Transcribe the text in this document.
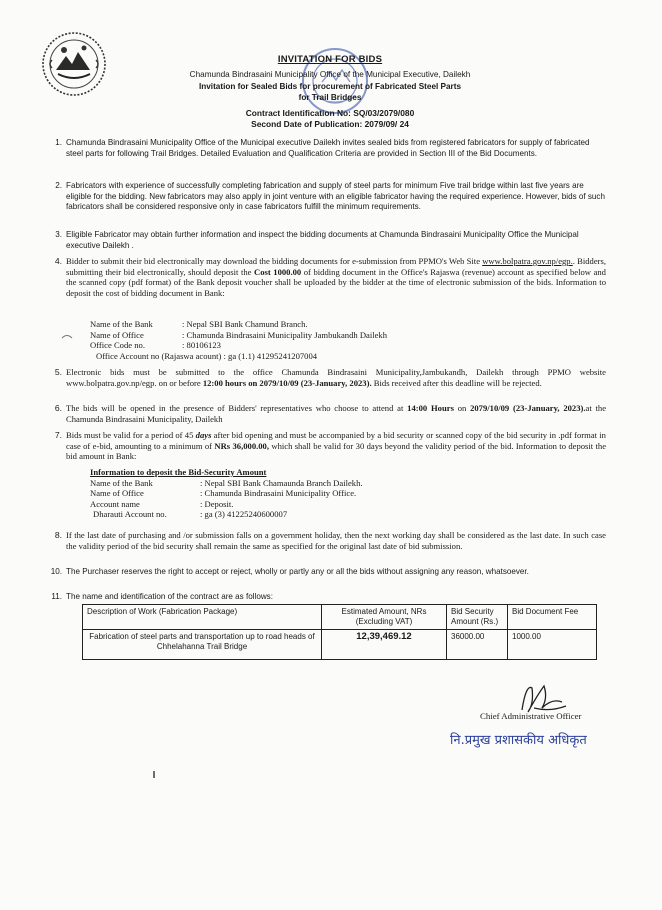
INVITATION FOR BIDS
Chamunda Bindrasaini Municipality Office of the Municipal Executive, Dailekh
Invitation for Sealed Bids for procurement of Fabricated Steel Parts
for Trail Bridges
Contract Identification No: SQ/03/2079/080
Second Date of Publication: 2079/09/ 24
1. Chamunda Bindrasaini Municipality Office of the Municipal executive Dailekh invites sealed bids from registered fabricators for supply of fabricated steel parts for following Trail Bridges. Detailed Evaluation and Qualification Criteria are provided in Section III of the Bid Documents.
2. Fabricators with experience of successfully completing fabrication and supply of steel parts for minimum Five trail bridge within last five years are eligible for the bidding. New fabricators may also apply in joint venture with an eligible fabricator having the required experience. However, bids of such fabricators shall be considered responsive only in case fabricators fulfill the minimum requirements.
3. Eligible Fabricator may obtain further information and inspect the bidding documents at Chamunda Bindrasaini Municipality Office the Municipal executive Dailekh .
4. Bidder to submit their bid electronically may download the bidding documents for e-submission from PPMO's Web Site www.bolpatra.gov.np/egp.. Bidders, submitting their bid electronically, should deposit the Cost 1000.00 of bidding document in the Office's Rajaswa (revenue) account as specified below and the scanned copy (pdf format) of the Bank deposit voucher shall be uploaded by the bidder at the time of electronic submission of the bids. Information to deposit the cost of bidding document in Bank:
Name of the Bank	: Nepal SBI Bank Chamund Branch.
Name of Office	: Chamunda Bindrasaini Municipality Jambukandh Dailekh
Office Code no.	: 80106123
Office Account no (Rajaswa acount) : ga (1.1) 41295241207004
5. Electronic bids must be submitted to the office Chamunda Bindrasaini Municipality,Jambukandh, Dailekh through PPMO website www.bolpatra.gov.np/egp. on or before 12:00 hours on 2079/10/09 (23-January, 2023). Bids received after this deadline will be rejected.
6. The bids will be opened in the presence of Bidders' representatives who choose to attend at 14:00 Hours on 2079/10/09 (23-January, 2023).at the Chamunda Bindrasaini Municipality, Dailekh
7. Bids must be valid for a period of 45 days after bid opening and must be accompanied by a bid security or scanned copy of the bid security in .pdf format in case of e-bid, amounting to a minimum of NRs 36,000.00, which shall be valid for 30 days beyond the validity period of the bid. Information to deposit the bid amount in Bank:
Information to deposit the Bid-Security Amount
Name of the Bank	: Nepal SBI Bank Chamaunda Branch Dailekh.
Name of Office	: Chamunda Bindrasaini Municipality Office.
Account name	: Deposit.
Dharauti Account no.	: ga (3) 41225240600007
8. If the last date of purchasing and /or submission falls on a government holiday, then the next working day shall be considered as the last date. In such case the validity period of the bid security shall remain the same as specified for the original last date of bid submission.
10. The Purchaser reserves the right to accept or reject, wholly or partly any or all the bids without assigning any reason, whatsoever.
11. The name and identification of the contract are as follows:
Description of Work (Fabrication Package)	Estimated Amount, NRs (Excluding VAT)	Bid Security Amount (Rs.)	Bid Document Fee
Fabrication of steel parts and transportation up to road heads of Chhelahanna Trail Bridge	12,39,469.12	36000.00	1000.00
Chief Administrative Officer
नि.प्रमुख प्रशासकीय अधिकृत
